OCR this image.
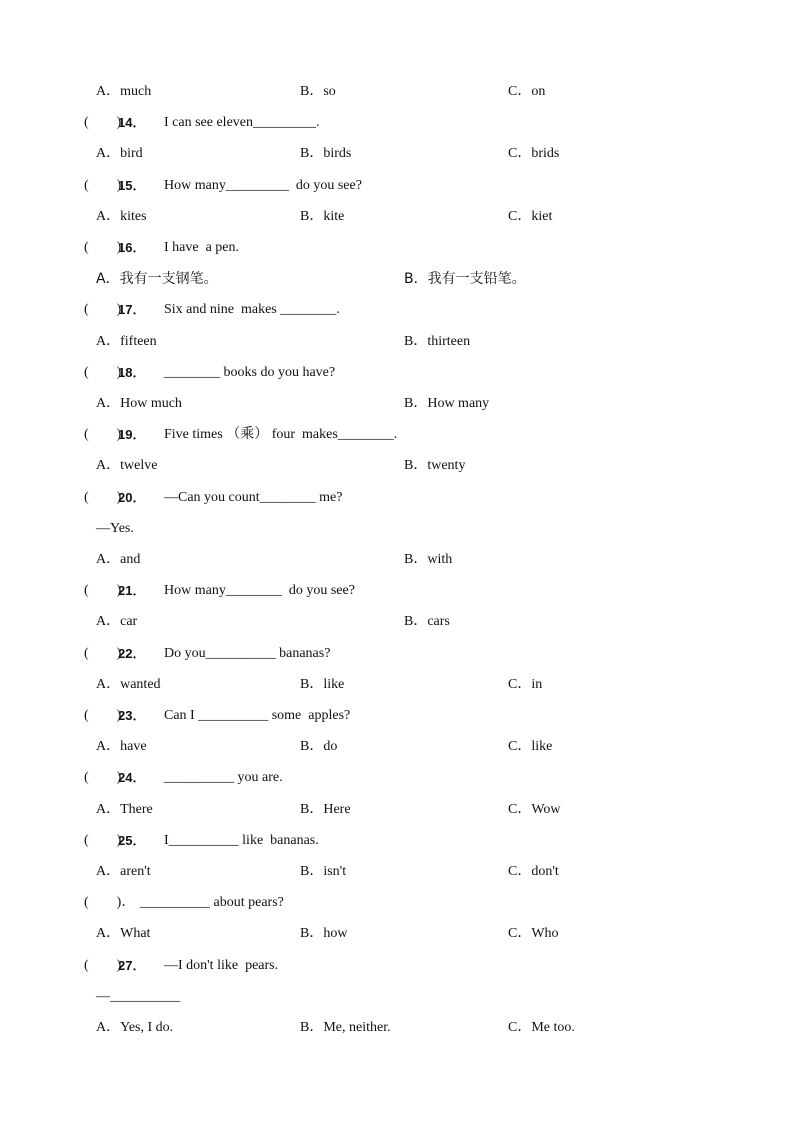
A．much	B．so	C．on
(　　)
14． I can see eleven_________.
A．bird	B．birds	C．brids
(　　)
15． How many_________  do you see?
A．kites	B．kite	C．kiet
(　　)
16． I have  a pen.
A．我有一支钢笔。	B．我有一支铅笔。
(　　)
17． Six and nine  makes ________.
A．fifteen	B．thirteen
(　　)
18． ________ books do you have?
A．How much	B．How many
(　　)
19． Five times （乘） four  makes________.
A．twelve	B．twenty
(　　)
20． —Can you count________ me?
—Yes.
A．and	B．with
(　　)
21． How many________  do you see?
A．car	B．cars
(　　)
22． Do you__________ bananas?
A．wanted	B．like	C．in
(　　)
23． Can I __________ some  apples?
A．have	B．do	C．like
(　　)
24． __________ you are.
A．There	B．Here	C．Wow
(　　)
25． I__________ like  bananas.
A．aren't	B．isn't	C．don't
(　　)． __________ about pears?
A．What	B．how	C．Who
(　　)
27． —I don't like  pears.
—__________
A．Yes, I do.	B．Me, neither.	C．Me too.
